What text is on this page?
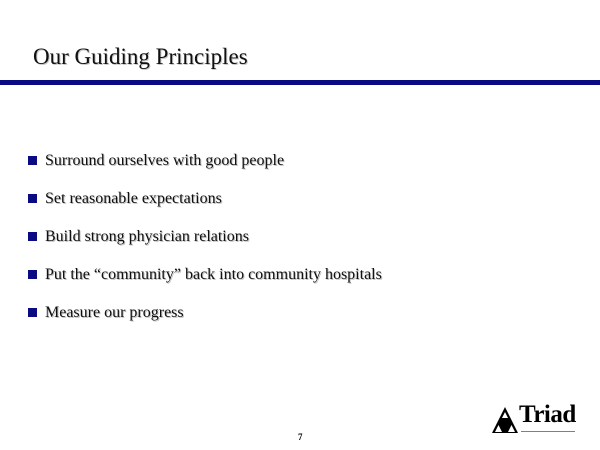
Our Guiding Principles
Surround ourselves with good people
Set reasonable expectations
Build strong physician relations
Put the “community” back into community hospitals
Measure our progress
7
Triad
